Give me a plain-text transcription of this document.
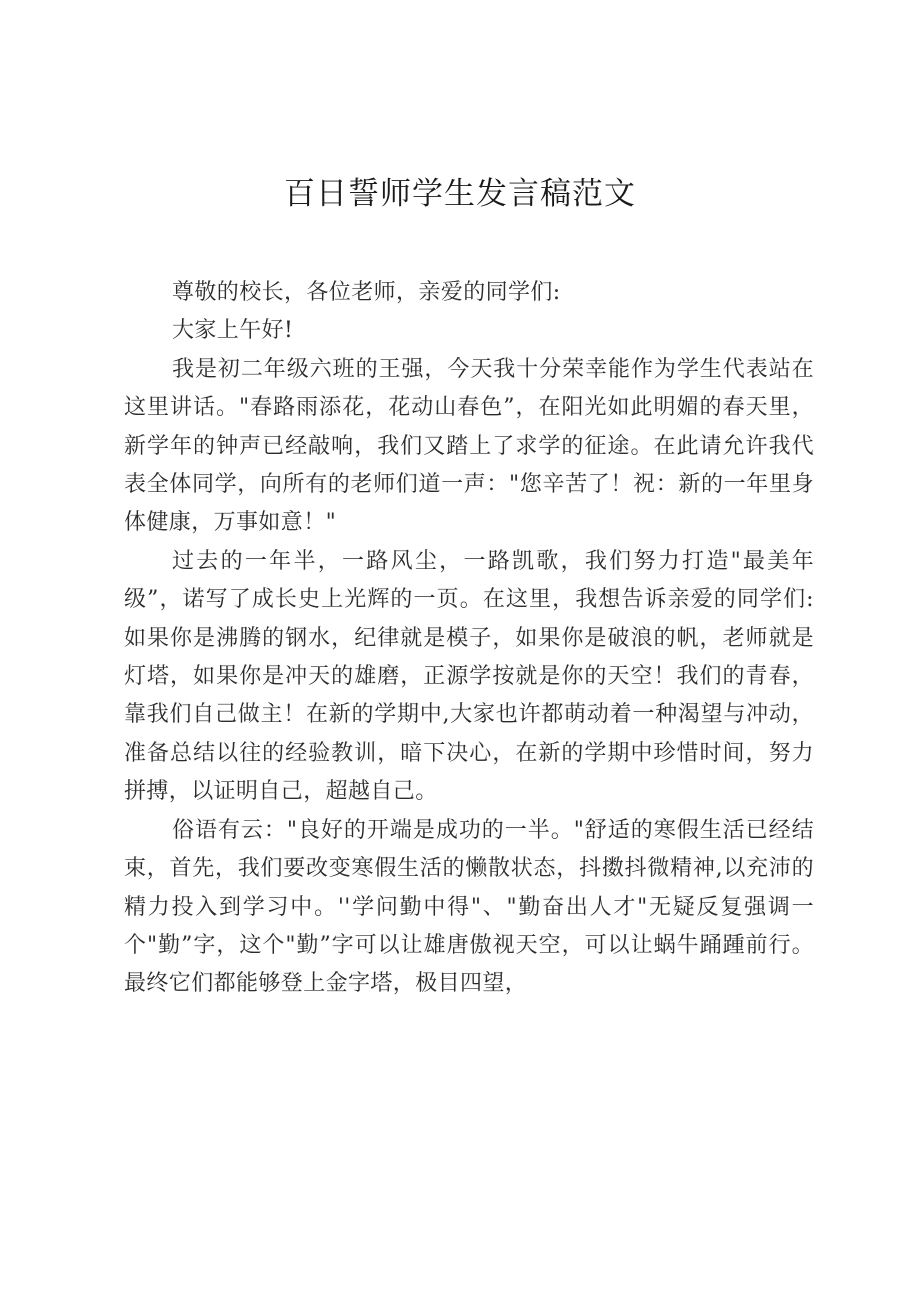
百日誓师学生发言稿范文

尊敬的校长，各位老师，亲爱的同学们:

大家上午好!

我是初二年级六班的王强，今天我十分荣幸能作为学生代表站在这里讲话。"春路雨添花，花动山春色”，在阳光如此明媚的春天里，新学年的钟声已经敲响，我们又踏上了求学的征途。在此请允许我代表全体同学，向所有的老师们道一声："您辛苦了！祝：新的一年里身体健康，万事如意！"

过去的一年半，一路风尘，一路凯歌，我们努力打造"最美年级”，诺写了成长史上光辉的一页。在这里，我想告诉亲爱的同学们:如果你是沸腾的钢水，纪律就是模子，如果你是破浪的帆，老师就是灯塔，如果你是冲天的雄磨，正源学按就是你的天空！我们的青春，靠我们自己做主！在新的学期中,大家也许都萌动着一种渴望与冲动，准备总结以往的经验教训，暗下决心，在新的学期中珍惜时间，努力拼搏，以证明自己，超越自己。

俗语有云："良好的开端是成功的一半。"舒适的寒假生活已经结束，首先，我们要改变寒假生活的懒散状态，抖擞抖微精神,以充沛的精力投入到学习中。''学问勤中得"、"勤奋出人才"无疑反复强调一个"勤”字，这个"勤”字可以让雄唐傲视天空，可以让蜗牛踊踵前行。最终它们都能够登上金字塔，极目四望，
